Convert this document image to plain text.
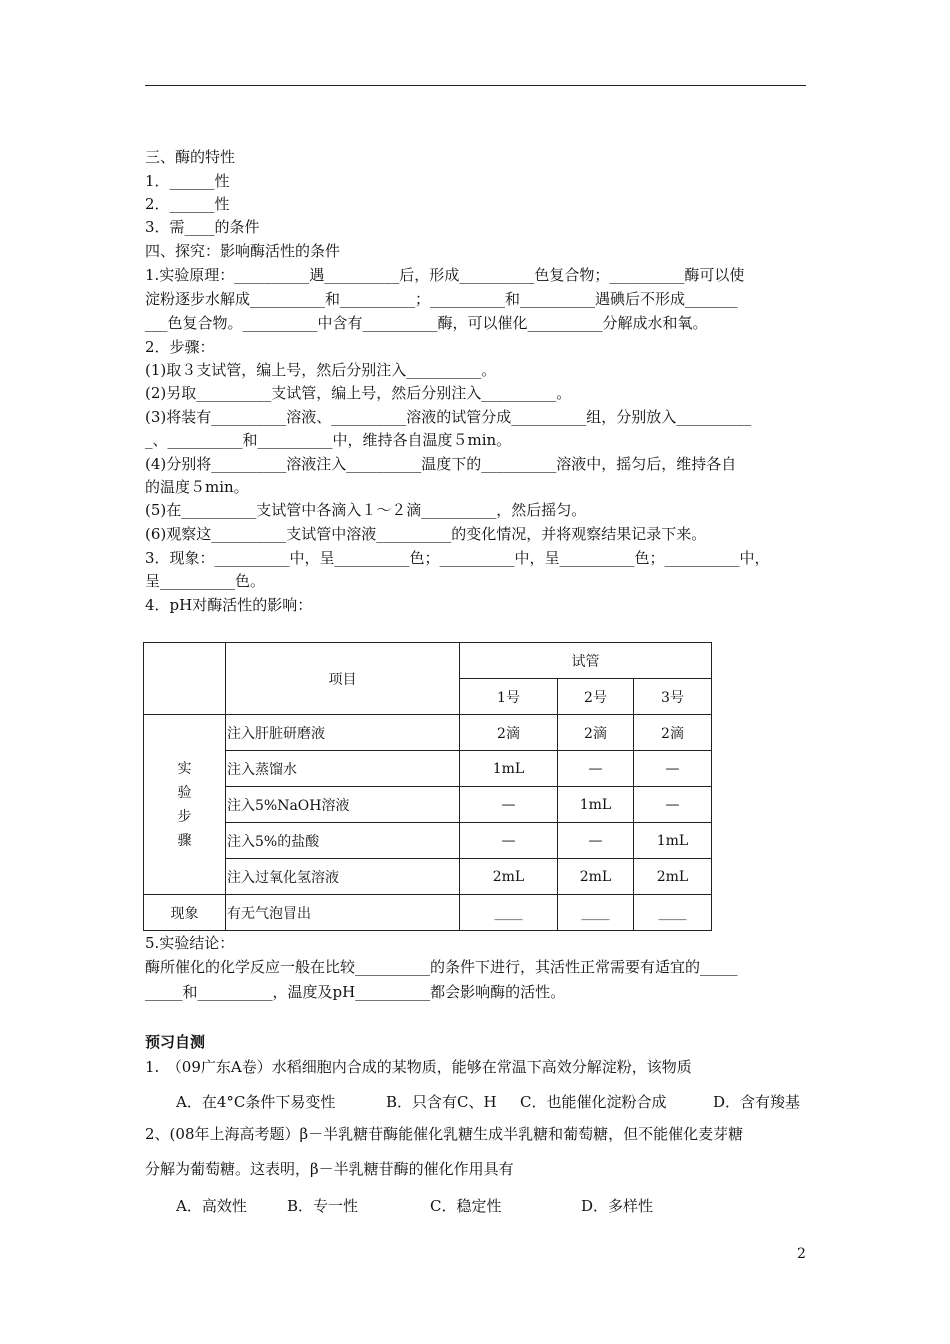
三、酶的特性
1．______性
2．______性
3．需____的条件
四、探究：影响酶活性的条件
1.实验原理：__________遇__________后，形成__________色复合物；__________酶可以使
淀粉逐步水解成__________和__________；__________和__________遇碘后不形成_______
___色复合物。__________中含有__________酶，可以催化__________分解成水和氧。
2．步骤：
(1)取３支试管，编上号，然后分别注入__________。
(2)另取__________支试管，编上号，然后分别注入__________。
(3)将装有__________溶液、__________溶液的试管分成__________组，分别放入__________
_、__________和__________中，维持各自温度５min。
(4)分别将__________溶液注入__________温度下的__________溶液中，摇匀后，维持各自
的温度５min。
(5)在__________支试管中各滴入１～２滴__________，然后摇匀。
(6)观察这__________支试管中溶液__________的变化情况，并将观察结果记录下来。
3．现象：__________中，呈__________色；__________中，呈__________色；__________中，
呈__________色。
4．pH对酶活性的影响：
	项目	试管		
		1号	2号	3号
实验步骤	注入肝脏研磨液	2滴	2滴	2滴
	注入蒸馏水	1mL	—	—
	注入5%NaOH溶液	—	1mL	—
	注入5%的盐酸	—	—	1mL
	注入过氧化氢溶液	2mL	2mL	2mL
现象	有无气泡冒出	____	____	____
5.实验结论：
酶所催化的化学反应一般在比较__________的条件下进行，其活性正常需要有适宜的_____
_____和__________，温度及pH__________都会影响酶的活性。
预习自测
1.　（09广东A卷）水稻细胞内合成的某物质，能够在常温下高效分解淀粉，该物质
A．在4°C条件下易变性	B．只含有C、H C．也能催化淀粉合成	D．含有羧基
2、(08年上海高考题）β－半乳糖苷酶能催化乳糖生成半乳糖和葡萄糖，但不能催化麦芽糖
分解为葡萄糖。这表明，β－半乳糖苷酶的催化作用具有
A．高效性	B．专一性	C．稳定性	D．多样性
2
